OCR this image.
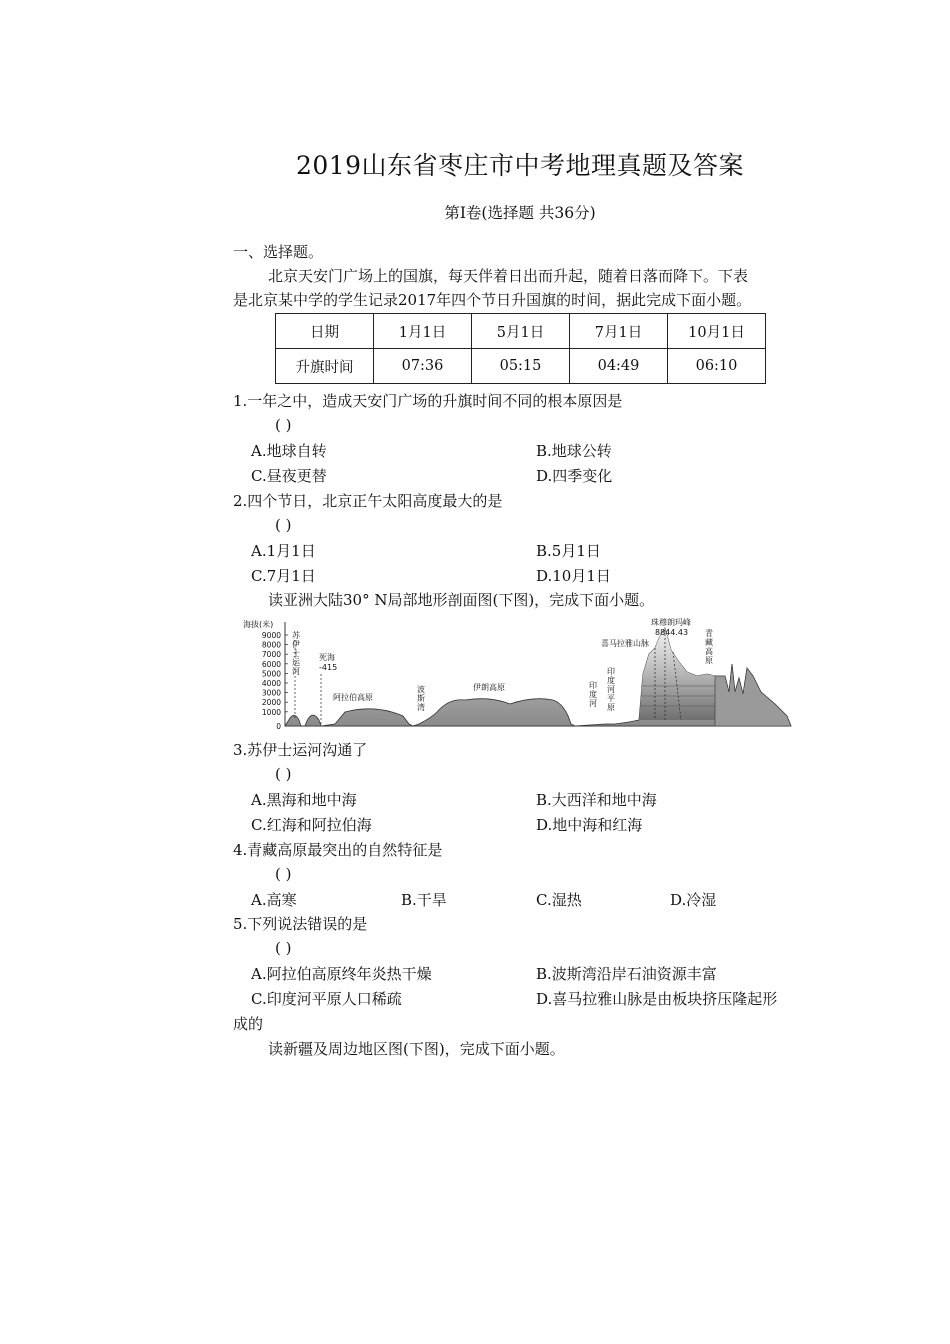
2019山东省枣庄市中考地理真题及答案
第Ⅰ卷(选择题 共36分)
一、选择题。
北京天安门广场上的国旗，每天伴着日出而升起，随着日落而降下。下表
是北京某中学的学生记录2017年四个节日升国旗的时间，据此完成下面小题。
日期	1月1日	5月1日	7月1日	10月1日
升旗时间	07:36	05:15	04:49	06:10
1.一年之中，造成天安门广场的升旗时间不同的根本原因是
( )
A.地球自转	B.地球公转
C.昼夜更替	D.四季变化
2.四个节日，北京正午太阳高度最大的是
( )
A.1月1日	B.5月1日
C.7月1日	D.10月1日
读亚洲大陆30° N局部地形剖面图(下图)，完成下面小题。
海拔(米)
9000
8000
7000
6000
5000
4000
3000
2000
1000
0
苏伊士运河
死海
-415
阿拉伯高原
波斯湾
伊朗高原	印度河
印度河平原
喜马拉雅山脉
珠穆朗玛峰
8844.43 青藏高原
3.苏伊士运河沟通了
( )
A.黑海和地中海	B.大西洋和地中海
C.红海和阿拉伯海	D.地中海和红海
4.青藏高原最突出的自然特征是
( )
A.高寒	B.干旱	C.湿热	D.冷湿
5.下列说法错误的是
( )
A.阿拉伯高原终年炎热干燥	B.波斯湾沿岸石油资源丰富
C.印度河平原人口稀疏	D.喜马拉雅山脉是由板块挤压隆起形
成的
读新疆及周边地区图(下图)，完成下面小题。
